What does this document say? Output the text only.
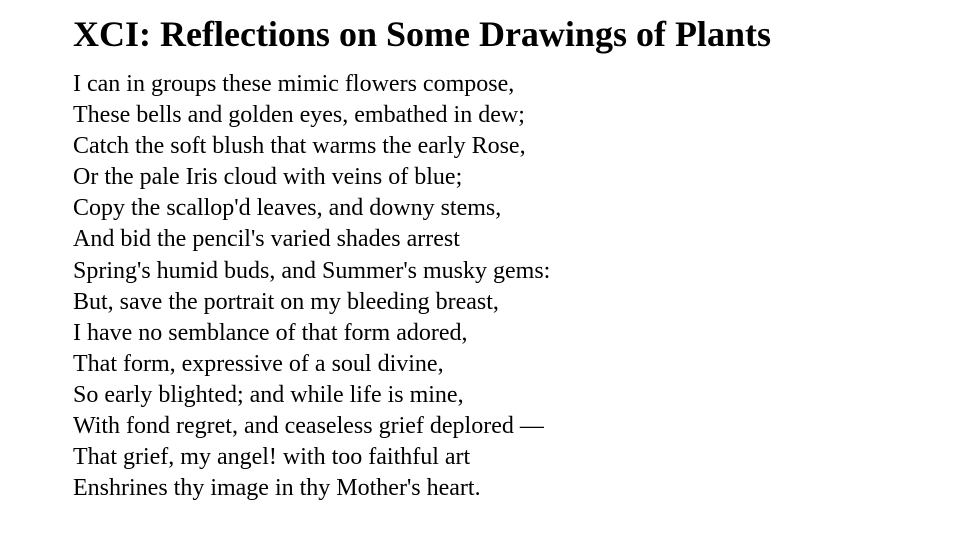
XCI: Reflections on Some Drawings of Plants
I can in groups these mimic flowers compose,
These bells and golden eyes, embathed in dew;
Catch the soft blush that warms the early Rose,
Or the pale Iris cloud with veins of blue;
Copy the scallop'd leaves, and downy stems,
And bid the pencil's varied shades arrest
Spring's humid buds, and Summer's musky gems:
But, save the portrait on my bleeding breast,
I have no semblance of that form adored,
That form, expressive of a soul divine,
So early blighted; and while life is mine,
With fond regret, and ceaseless grief deplored —
That grief, my angel! with too faithful art
Enshrines thy image in thy Mother's heart.
